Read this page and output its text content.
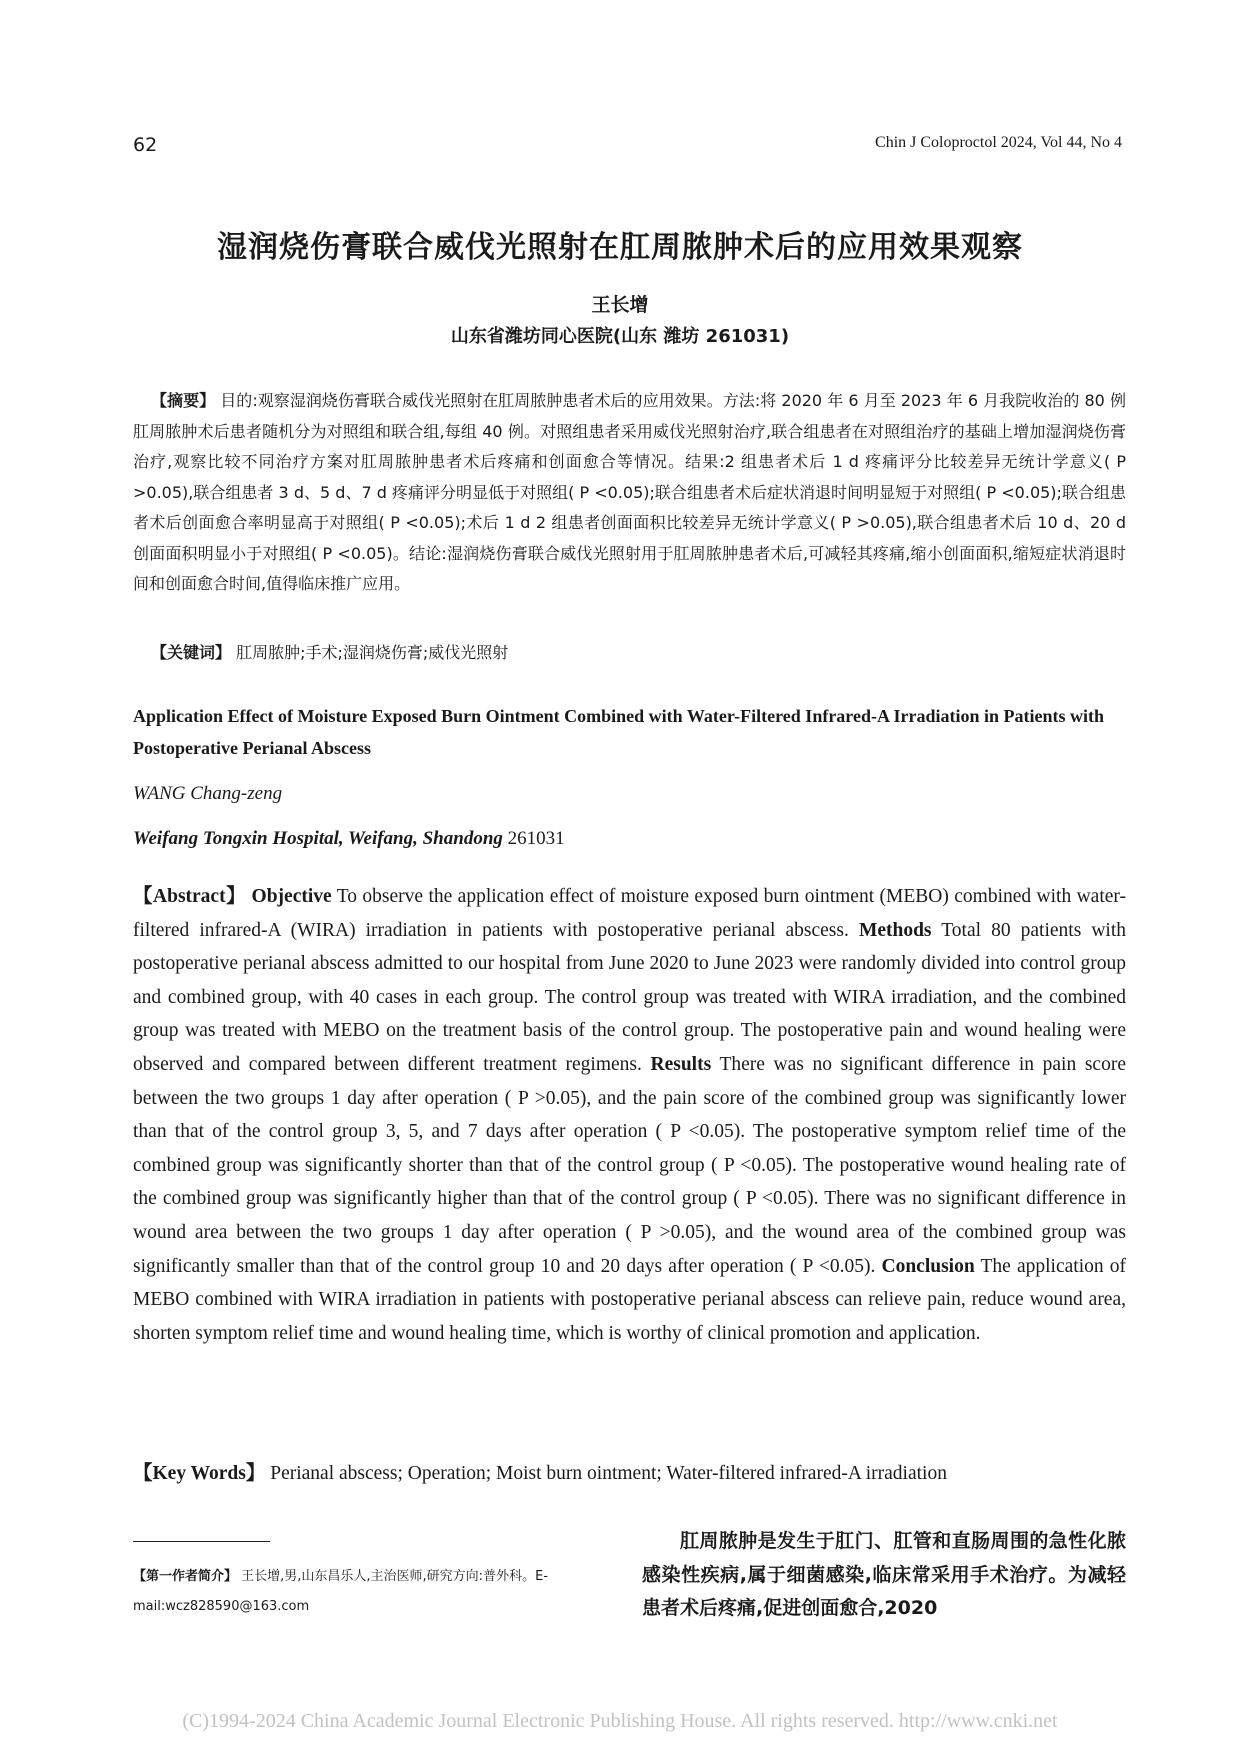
62	Chin J Coloproctol 2024, Vol 44, No 4
湿润烧伤膏联合威伐光照射在肛周脓肿术后的应用效果观察
王长增
山东省潍坊同心医院(山东 潍坊 261031)
【摘要】 目的:观察湿润烧伤膏联合威伐光照射在肛周脓肿患者术后的应用效果。方法:将 2020 年 6 月至 2023 年 6 月我院收治的 80 例肛周脓肿术后患者随机分为对照组和联合组,每组 40 例。对照组患者采用威伐光照射治疗,联合组患者在对照组治疗的基础上增加湿润烧伤膏治疗,观察比较不同治疗方案对肛周脓肿患者术后疼痛和创面愈合等情况。结果:2 组患者术后 1 d 疼痛评分比较差异无统计学意义( P >0.05),联合组患者 3 d、5 d、7 d 疼痛评分明显低于对照组( P <0.05);联合组患者术后症状消退时间明显短于对照组( P <0.05);联合组患者术后创面愈合率明显高于对照组( P <0.05);术后 1 d 2 组患者创面面积比较差异无统计学意义( P >0.05),联合组患者术后 10 d、20 d 创面面积明显小于对照组( P <0.05)。结论:湿润烧伤膏联合威伐光照射用于肛周脓肿患者术后,可减轻其疼痛,缩小创面面积,缩短症状消退时间和创面愈合时间,值得临床推广应用。
【关键词】 肛周脓肿;手术;湿润烧伤膏;威伐光照射
Application Effect of Moisture Exposed Burn Ointment Combined with Water-Filtered Infrared-A Irradiation in Patients with Postoperative Perianal Abscess
WANG Chang-zeng
Weifang Tongxin Hospital, Weifang, Shandong 261031
【Abstract】 Objective To observe the application effect of moisture exposed burn ointment (MEBO) combined with water-filtered infrared-A (WIRA) irradiation in patients with postoperative perianal abscess. Methods Total 80 patients with postoperative perianal abscess admitted to our hospital from June 2020 to June 2023 were randomly divided into control group and combined group, with 40 cases in each group. The control group was treated with WIRA irradiation, and the combined group was treated with MEBO on the treatment basis of the control group. The postoperative pain and wound healing were observed and compared between different treatment regimens. Results There was no significant difference in pain score between the two groups 1 day after operation ( P >0.05), and the pain score of the combined group was significantly lower than that of the control group 3, 5, and 7 days after operation ( P <0.05). The postoperative symptom relief time of the combined group was significantly shorter than that of the control group ( P <0.05). The postoperative wound healing rate of the combined group was significantly higher than that of the control group ( P <0.05). There was no significant difference in wound area between the two groups 1 day after operation ( P >0.05), and the wound area of the combined group was significantly smaller than that of the control group 10 and 20 days after operation ( P <0.05). Conclusion The application of MEBO combined with WIRA irradiation in patients with postoperative perianal abscess can relieve pain, reduce wound area, shorten symptom relief time and wound healing time, which is worthy of clinical promotion and application.
【Key Words】 Perianal abscess; Operation; Moist burn ointment; Water-filtered infrared-A irradiation
【第一作者简介】 王长增,男,山东昌乐人,主治医师,研究方向:普外科。E-mail:wcz828590@163.com
肛周脓肿是发生于肛门、肛管和直肠周围的急性化脓感染性疾病,属于细菌感染,临床常采用手术治疗。为减轻患者术后疼痛,促进创面愈合,2020
(C)1994-2024 China Academic Journal Electronic Publishing House. All rights reserved. http://www.cnki.net
